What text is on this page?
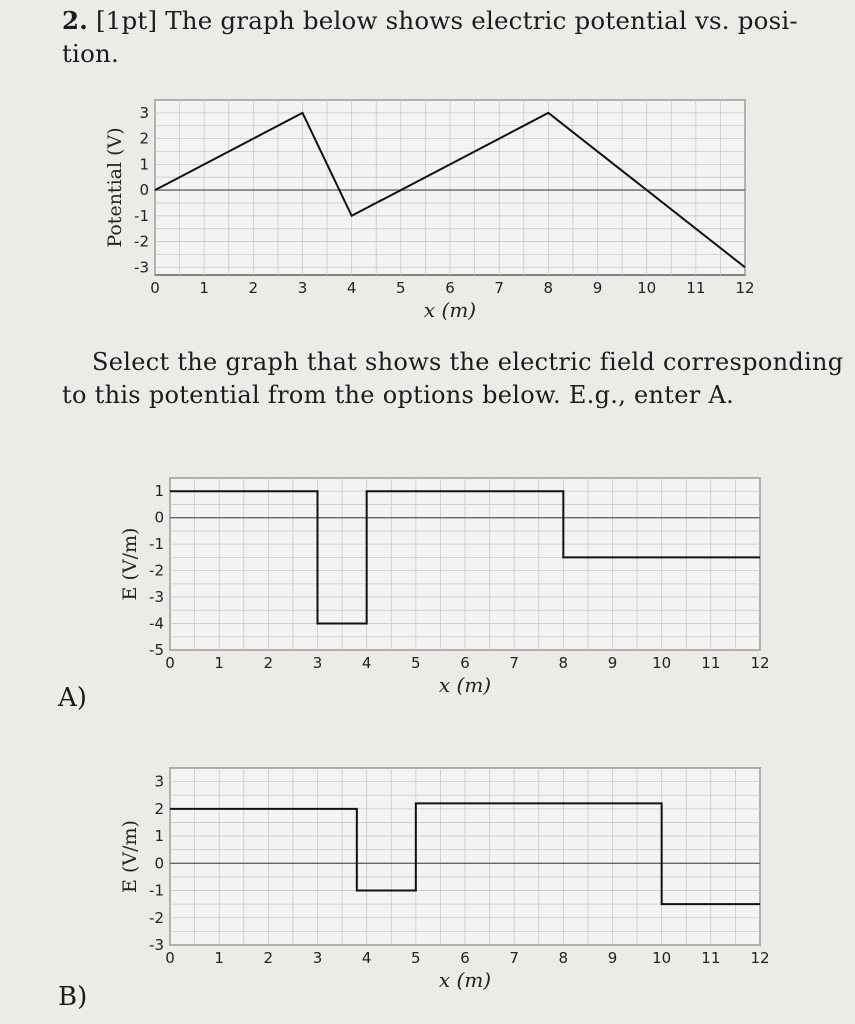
2. [1pt] The graph below shows electric potential vs. posi-
tion.
0	1	2	3	4	5	6	7	8	9 10 11 12
3
2
1
0
-1
-2
-3
x (m)
Potential (V)
Select the graph that shows the electric field corresponding to this potential from the options below. E.g., enter A.
0	1	2	3	4	5	6	7	8	9 10 11 12
1
0
-1
-2
-3
-4
-5
x (m)
E (V/m)
A)
0	1	2	3	4	5	6	7	8	9 10 11 12
3
2
1
0
-1
-2
-3
x (m)
E (V/m)
B)
